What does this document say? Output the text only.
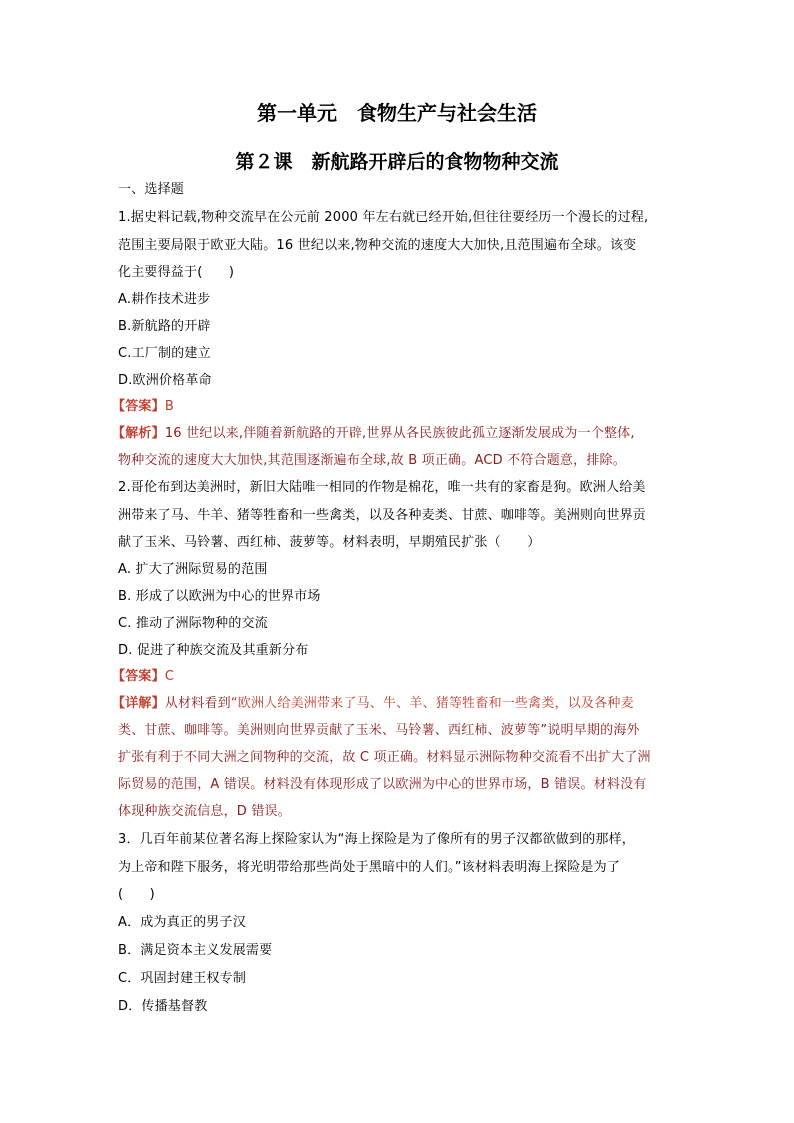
第一单元　食物生产与社会生活
第２课　新航路开辟后的食物物种交流
一、选择题
1.据史料记载,物种交流早在公元前 2000 年左右就已经开始,但往往要经历一个漫长的过程,
范围主要局限于欧亚大陆。16 世纪以来,物种交流的速度大大加快,且范围遍布全球。该变
化主要得益于(　　)
A.耕作技术进步
B.新航路的开辟
C.工厂制的建立
D.欧洲价格革命
【答案】B
【解析】16 世纪以来,伴随着新航路的开辟,世界从各民族彼此孤立逐渐发展成为一个整体,
物种交流的速度大大加快,其范围逐渐遍布全球,故 B 项正确。ACD 不符合题意，排除。
2.哥伦布到达美洲时，新旧大陆唯一相同的作物是棉花，唯一共有的家畜是狗。欧洲人给美
洲带来了马、牛羊、猪等牲畜和一些禽类，以及各种麦类、甘蔗、咖啡等。美洲则向世界贡
献了玉米、马铃薯、西红柿、菠萝等。材料表明，早期殖民扩张（　　）
A. 扩大了洲际贸易的范围
B. 形成了以欧洲为中心的世界市场
C. 推动了洲际物种的交流
D. 促进了种族交流及其重新分布
【答案】C
【详解】从材料看到“欧洲人给美洲带来了马、牛、羊、猪等牲畜和一些禽类，以及各种麦
类、甘蔗、咖啡等。美洲则向世界贡献了玉米、马铃薯、西红柿、波萝等”说明早期的海外
扩张有利于不同大洲之间物种的交流，故 C 项正确。材料显示洲际物种交流看不出扩大了洲
际贸易的范围，A 错误。材料没有体现形成了以欧洲为中心的世界市场，B 错误。材料没有
体现种族交流信息，D 错误。
3．几百年前某位著名海上探险家认为“海上探险是为了像所有的男子汉都欲做到的那样，
为上帝和陛下服务，将光明带给那些尚处于黑暗中的人们。”该材料表明海上探险是为了
(　　)
A．成为真正的男子汉
B．满足资本主义发展需要
C．巩固封建王权专制
D．传播基督教
